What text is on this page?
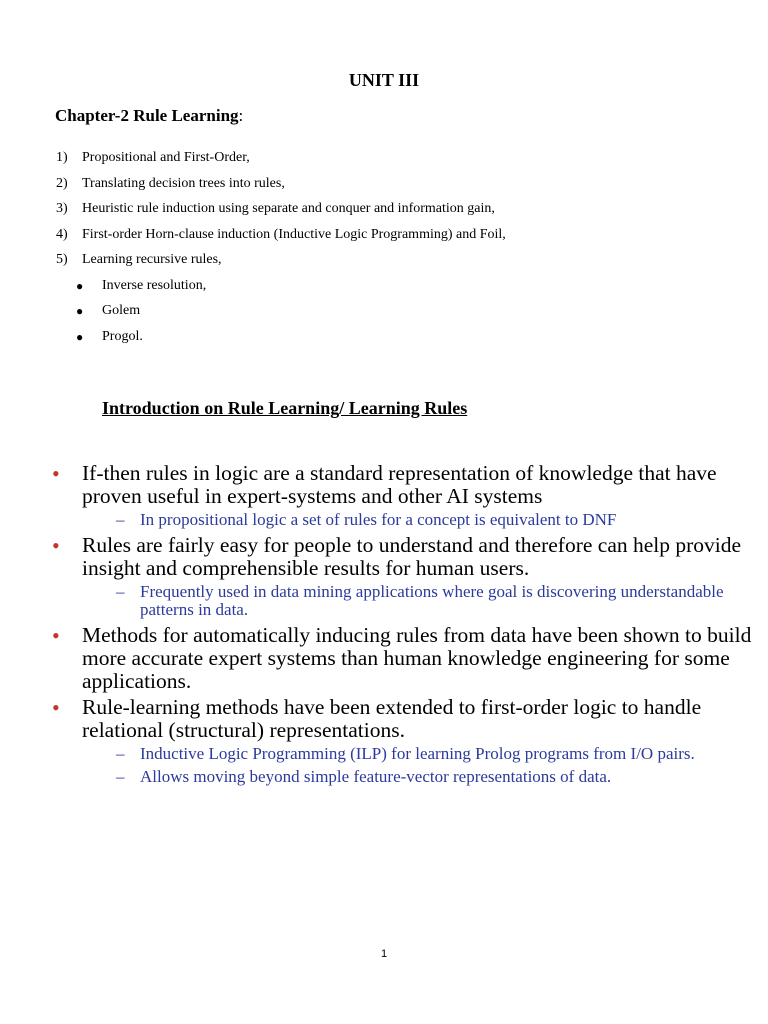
UNIT III
Chapter-2 Rule Learning:
1)	Propositional and First-Order,
2)	Translating decision trees into rules,
3)	Heuristic rule induction using separate and conquer and information gain,
4)	First-order Horn-clause induction (Inductive Logic Programming) and Foil,
5)	Learning recursive rules,
●	Inverse resolution,
●	Golem
●	Progol.
Introduction on Rule Learning/ Learning Rules
•	If-then rules in logic are a standard representation of knowledge that have proven useful in expert-systems and other AI systems
– In propositional logic a set of rules for a concept is equivalent to DNF
•	Rules are fairly easy for people to understand and therefore can help provide insight and comprehensible results for human users.
– Frequently used in data mining applications where goal is discovering understandable patterns in data.
•	Methods for automatically inducing rules from data have been shown to build more accurate expert systems than human knowledge engineering for some applications.
•	Rule-learning methods have been extended to first-order logic to handle relational (structural) representations.
– Inductive Logic Programming (ILP) for learning Prolog programs from I/O pairs.
– Allows moving beyond simple feature-vector representations of data.
1
